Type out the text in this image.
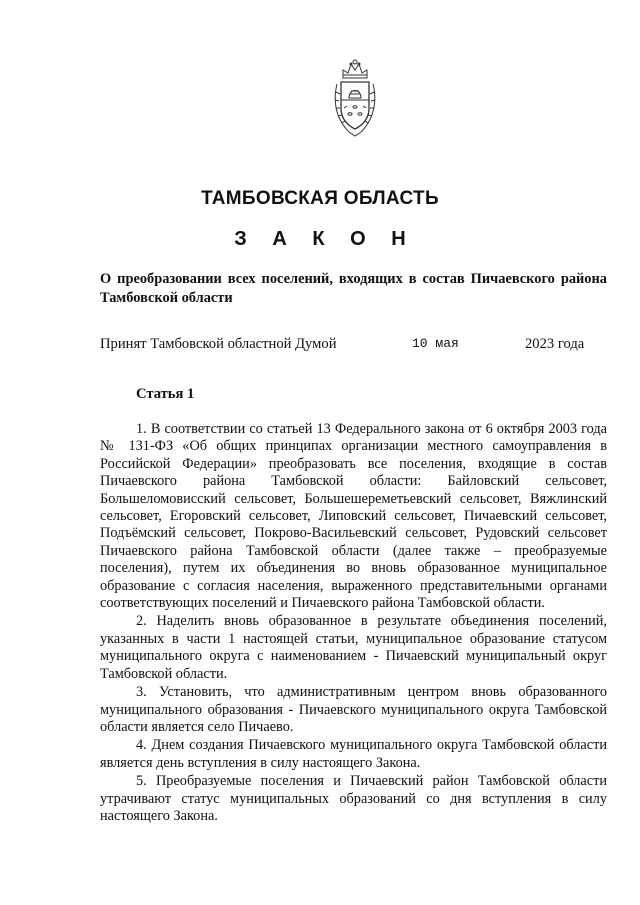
ТАМБОВСКАЯ ОБЛАСТЬ
З А К О Н
О преобразовании всех поселений, входящих в состав Пичаевского района Тамбовской области
Принят Тамбовской областной Думой	10 мая	2023 года
Статья 1

1. В соответствии со статьей 13 Федерального закона от 6 октября 2003 года № 131-ФЗ «Об общих принципах организации местного самоуправления в Российской Федерации» преобразовать все поселения, входящие в состав Пичаевского района Тамбовской области: Байловский сельсовет, Большеломовисский сельсовет, Большешереметьевский сельсовет, Вяжлинский сельсовет, Егоровский сельсовет, Липовский сельсовет, Пичаевский сельсовет, Подъёмский сельсовет, Покрово-Васильевский сельсовет, Рудовский сельсовет Пичаевского района Тамбовской области (далее также – преобразуемые поселения), путем их объединения во вновь образованное муниципальное образование с согласия населения, выраженного представительными органами соответствующих поселений и Пичаевского района Тамбовской области.

2. Наделить вновь образованное в результате объединения поселений, указанных в части 1 настоящей статьи, муниципальное образование статусом муниципального округа с наименованием - Пичаевский муниципальный округ Тамбовской области.

3. Установить, что административным центром вновь образованного муниципального образования - Пичаевского муниципального округа Тамбовской области является село Пичаево.

4. Днем создания Пичаевского муниципального округа Тамбовской области является день вступления в силу настоящего Закона.

5. Преобразуемые поселения и Пичаевский район Тамбовской области утрачивают статус муниципальных образований со дня вступления в силу настоящего Закона.
